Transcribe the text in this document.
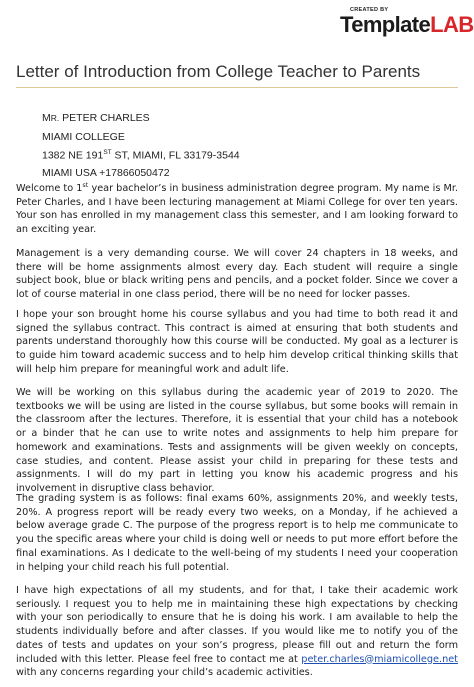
CREATED BY
TemplateLAB
Letter of Introduction from College Teacher to Parents
MR. PETER CHARLES
MIAMI COLLEGE
1382 NE 191ST ST, MIAMI, FL 33179-3544
MIAMI USA +17866050472

Welcome to 1st year bachelor’s in business administration degree program. My name is Mr. Peter Charles, and I have been lecturing management at Miami College for over ten years. Your son has enrolled in my management class this semester, and I am looking forward to an exciting year.

Management is a very demanding course. We will cover 24 chapters in 18 weeks, and there will be home assignments almost every day. Each student will require a single subject book, blue or black writing pens and pencils, and a pocket folder. Since we cover a lot of course material in one class period, there will be no need for locker passes.

I hope your son brought home his course syllabus and you had time to both read it and signed the syllabus contract. This contract is aimed at ensuring that both students and parents understand thoroughly how this course will be conducted. My goal as a lecturer is to guide him toward academic success and to help him develop critical thinking skills that will help him prepare for meaningful work and adult life.

We will be working on this syllabus during the academic year of 2019 to 2020. The textbooks we will be using are listed in the course syllabus, but some books will remain in the classroom after the lectures. Therefore, it is essential that your child has a notebook or a binder that he can use to write notes and assignments to help him prepare for homework and examinations. Tests and assignments will be given weekly on concepts, case studies, and content. Please assist your child in preparing for these tests and assignments. I will do my part in letting you know his academic progress and his involvement in disruptive class behavior.

The grading system is as follows: final exams 60%, assignments 20%, and weekly tests, 20%. A progress report will be ready every two weeks, on a Monday, if he achieved a below average grade C. The purpose of the progress report is to help me communicate to you the specific areas where your child is doing well or needs to put more effort before the final examinations. As I dedicate to the well-being of my students I need your cooperation in helping your child reach his full potential.

I have high expectations of all my students, and for that, I take their academic work seriously. I request you to help me in maintaining these high expectations by checking with your son periodically to ensure that he is doing his work. I am available to help the students individually before and after classes. If you would like me to notify you of the dates of tests and updates on your son’s progress, please fill out and return the form included with this letter. Please feel free to contact me at peter.charles@miamicollege.net with any concerns regarding your child’s academic activities.
